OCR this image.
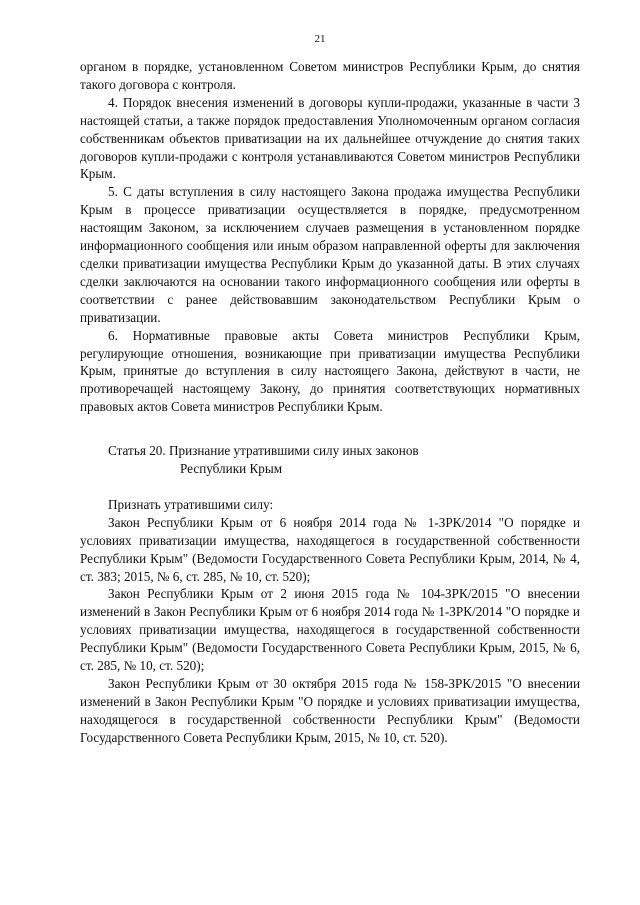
21

органом в порядке, установленном Советом министров Республики Крым, до снятия такого договора с контроля.

4. Порядок внесения изменений в договоры купли-продажи, указанные в части 3 настоящей статьи, а также порядок предоставления Уполномоченным органом согласия собственникам объектов приватизации на их дальнейшее отчуждение до снятия таких договоров купли-продажи с контроля устанавливаются Советом министров Республики Крым.

5. С даты вступления в силу настоящего Закона продажа имущества Республики Крым в процессе приватизации осуществляется в порядке, предусмотренном настоящим Законом, за исключением случаев размещения в установленном порядке информационного сообщения или иным образом направленной оферты для заключения сделки приватизации имущества Республики Крым до указанной даты. В этих случаях сделки заключаются на основании такого информационного сообщения или оферты в соответствии с ранее действовавшим законодательством Республики Крым о приватизации.

6. Нормативные правовые акты Совета министров Республики Крым, регулирующие отношения, возникающие при приватизации имущества Республики Крым, принятые до вступления в силу настоящего Закона, действуют в части, не противоречащей настоящему Закону, до принятия соответствующих нормативных правовых актов Совета министров Республики Крым.

Статья 20. Признание утратившими силу иных законов
Республики Крым

Признать утратившими силу:

Закон Республики Крым от 6 ноября 2014 года № 1-ЗРК/2014 "О порядке и условиях приватизации имущества, находящегося в государственной собственности Республики Крым" (Ведомости Государственного Совета Республики Крым, 2014, № 4, ст. 383; 2015, № 6, ст. 285, № 10, ст. 520);

Закон Республики Крым от 2 июня 2015 года № 104-ЗРК/2015 "О внесении изменений в Закон Республики Крым от 6 ноября 2014 года № 1-ЗРК/2014 "О порядке и условиях приватизации имущества, находящегося в государственной собственности Республики Крым" (Ведомости Государственного Совета Республики Крым, 2015, № 6, ст. 285, № 10, ст. 520);

Закон Республики Крым от 30 октября 2015 года № 158-ЗРК/2015 "О внесении изменений в Закон Республики Крым "О порядке и условиях приватизации имущества, находящегося в государственной собственности Республики Крым" (Ведомости Государственного Совета Республики Крым, 2015, № 10, ст. 520).
